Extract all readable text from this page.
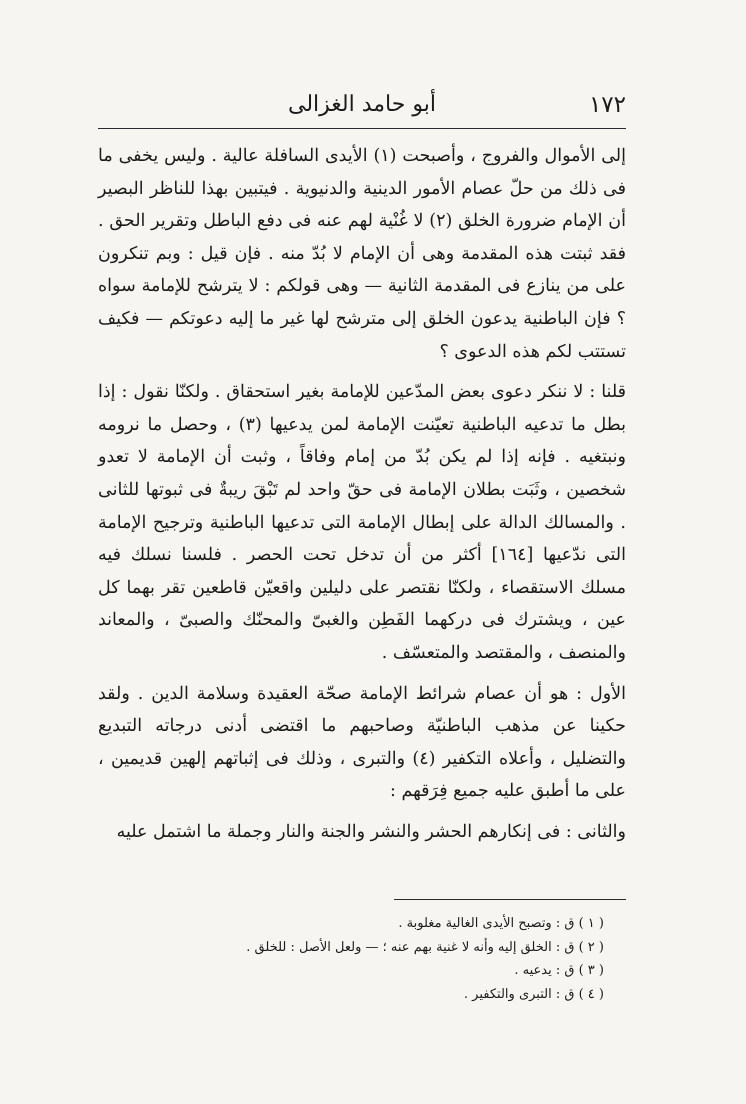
١٧٢
أبو حامد الغزالى

إلى الأموال والفروج ، وأصبحت (١) الأيدى السافلة عالية . وليس يخفى ما فى ذلك من حلّ عصام الأمور الدينية والدنيوية . فيتبين بهذا للناظر البصير أن الإمام ضرورة الخلق (٢) لا غُنْية لهم عنه فى دفع الباطل وتقرير الحق . فقد ثبتت هذه المقدمة وهى أن الإمام لا بُدّ منه . فإن قيل : وبم تنكرون على من ينازع فى المقدمة الثانية — وهى قولكم : لا يترشح للإمامة سواه ؟ فإن الباطنية يدعون الخلق إلى مترشح لها غير ما إليه دعوتكم — فكيف تستتب لكم هذه الدعوى ؟

قلنا : لا ننكر دعوى بعض المدّعين للإمامة بغير استحقاق . ولكنّا نقول : إذا بطل ما تدعيه الباطنية تعيّنت الإمامة لمن يدعيها (٣) ، وحصل ما نرومه ونبتغيه . فإنه إذا لم يكن بُدّ من إمام وفاقاً ، وثبت أن الإمامة لا تعدو شخصين ، وثَبَت بطلان الإمامة فى حقّ واحد لم تَبْقَ ريبةٌ فى ثبوتها للثانى . والمسالك الدالة على إبطال الإمامة التى تدعيها الباطنية وترجيح الإمامة التى ندّعيها [١٦٤] أكثر من أن تدخل تحت الحصر . فلسنا نسلك فيه مسلك الاستقصاء ، ولكنّا نقتصر على دليلين واقعيّن قاطعين تقر بهما كل عين ، ويشترك فى دركهما الفَطِن والغبىّ والمحنّك والصبىّ ، والمعاند والمنصف ، والمقتصد والمتعسّف .

الأول : هو أن عصام شرائط الإمامة صحّة العقيدة وسلامة الدين . ولقد حكينا عن مذهب الباطنيّة وصاحبهم ما اقتضى أدنى درجاته التبديع والتضليل ، وأعلاه التكفير (٤) والتبرى ، وذلك فى إثباتهم إلهين قديمين ، على ما أطبق عليه جميع فِرَقهم :

والثانى : فى إنكارهم الحشر والنشر والجنة والنار وجملة ما اشتمل عليه

( ١ ) ق : وتصبح الأيدى الغالية مغلوبة .
( ٢ ) ق : الخلق إليه وأنه لا غنية بهم عنه ؛ — ولعل الأصل : للخلق .
( ٣ ) ق : يدعيه .
( ٤ ) ق : التبرى والتكفير .
